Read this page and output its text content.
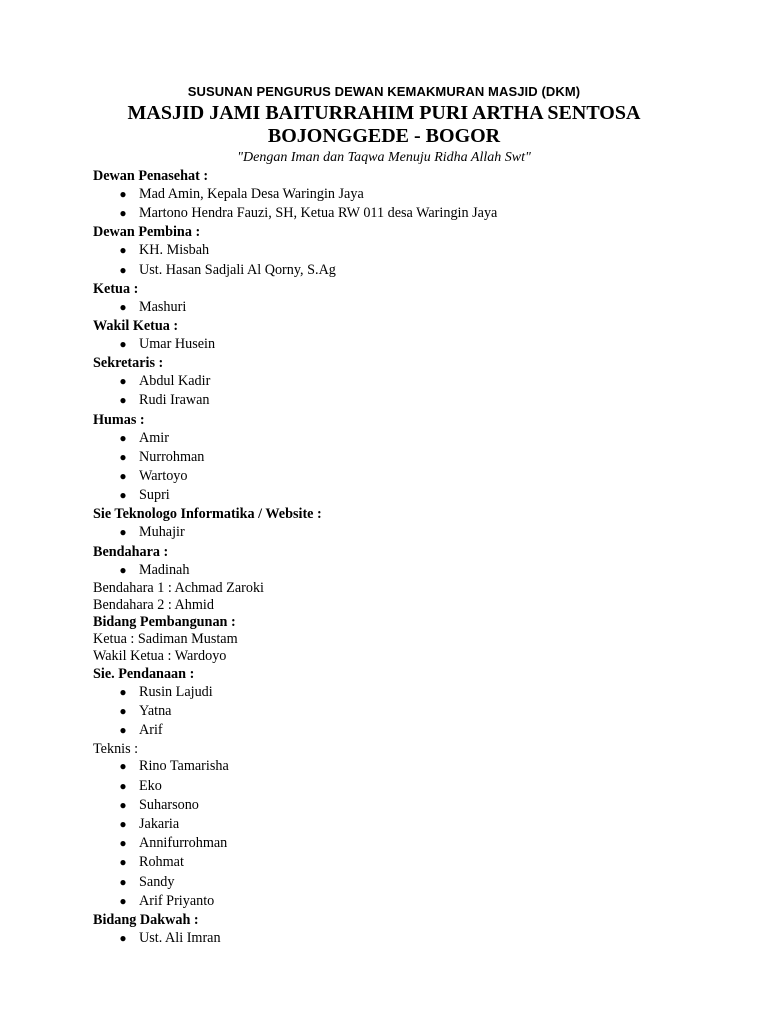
SUSUNAN PENGURUS DEWAN KEMAKMURAN MASJID (DKM)
MASJID JAMI BAITURRAHIM PURI ARTHA SENTOSA
BOJONGGEDE - BOGOR
"Dengan Iman dan Taqwa Menuju Ridha Allah Swt"
Dewan Penasehat :
● Mad Amin, Kepala Desa Waringin Jaya
● Martono Hendra Fauzi, SH, Ketua RW 011 desa Waringin Jaya
Dewan Pembina :
● KH. Misbah
● Ust. Hasan Sadjali Al Qorny, S.Ag
Ketua :
● Mashuri
Wakil Ketua :
● Umar Husein
Sekretaris :
● Abdul Kadir
● Rudi Irawan
Humas :
● Amir
● Nurrohman
● Wartoyo
● Supri
Sie Teknologo Informatika / Website :
● Muhajir
Bendahara :
● Madinah
Bendahara 1 : Achmad Zaroki
Bendahara 2 : Ahmid
Bidang Pembangunan :
Ketua : Sadiman Mustam
Wakil Ketua : Wardoyo
Sie. Pendanaan :
● Rusin Lajudi
● Yatna
● Arif
Teknis :
● Rino Tamarisha
● Eko
● Suharsono
● Jakaria
● Annifurrohman
● Rohmat
● Sandy
● Arif Priyanto
Bidang Dakwah :
● Ust. Ali Imran
